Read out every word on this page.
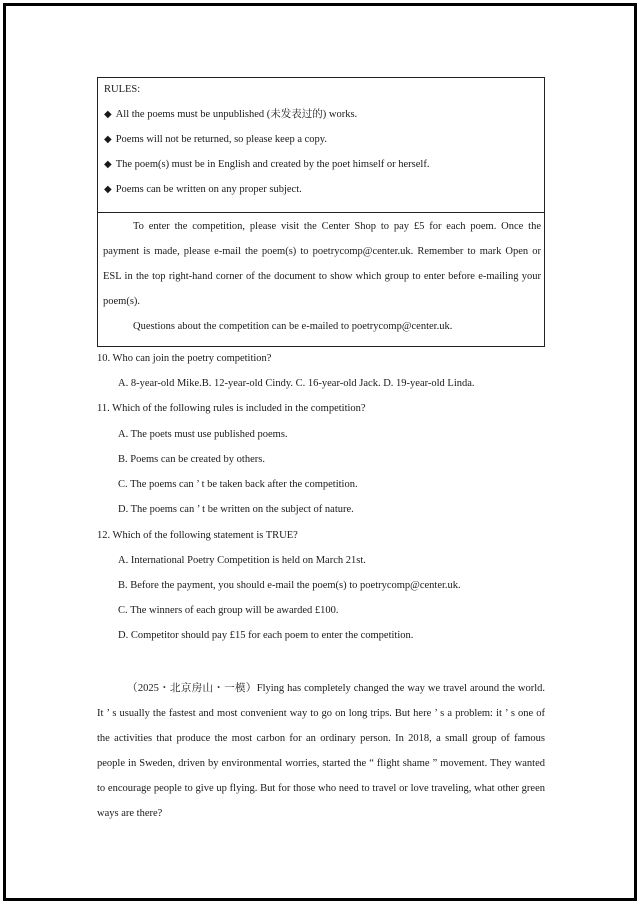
RULES:
◆ All the poems must be unpublished (未发表过的) works.
◆ Poems will not be returned, so please keep a copy.
◆ The poem(s) must be in English and created by the poet himself or herself.
◆ Poems can be written on any proper subject.
To enter the competition, please visit the Center Shop to pay £5 for each poem. Once the payment is made, please e-mail the poem(s) to poetrycomp@center.uk. Remember to mark Open or ESL in the top right-hand corner of the document to show which group to enter before e-mailing your poem(s).
Questions about the competition can be e-mailed to poetrycomp@center.uk.
10. Who can join the poetry competition?
A. 8-year-old Mike.B. 12-year-old Cindy. C. 16-year-old Jack. D. 19-year-old Linda.
11. Which of the following rules is included in the competition?
A. The poets must use published poems.
B. Poems can be created by others.
C. The poems can ’ t be taken back after the competition.
D. The poems can ’ t be written on the subject of nature.
12. Which of the following statement is TRUE?
A. International Poetry Competition is held on March 21st.
B. Before the payment, you should e-mail the poem(s) to poetrycomp@center.uk.
C. The winners of each group will be awarded £100.
D. Competitor should pay £15 for each poem to enter the competition.
（2025・北京房山・一模）Flying has completely changed the way we travel around the world. It ’ s usually the fastest and most convenient way to go on long trips. But here ’ s a problem: it ’ s one of the activities that produce the most carbon for an ordinary person. In 2018, a small group of famous people in Sweden, driven by environmental worries, started the “ flight shame ” movement. They wanted to encourage people to give up flying. But for those who need to travel or love traveling, what other green ways are there?
